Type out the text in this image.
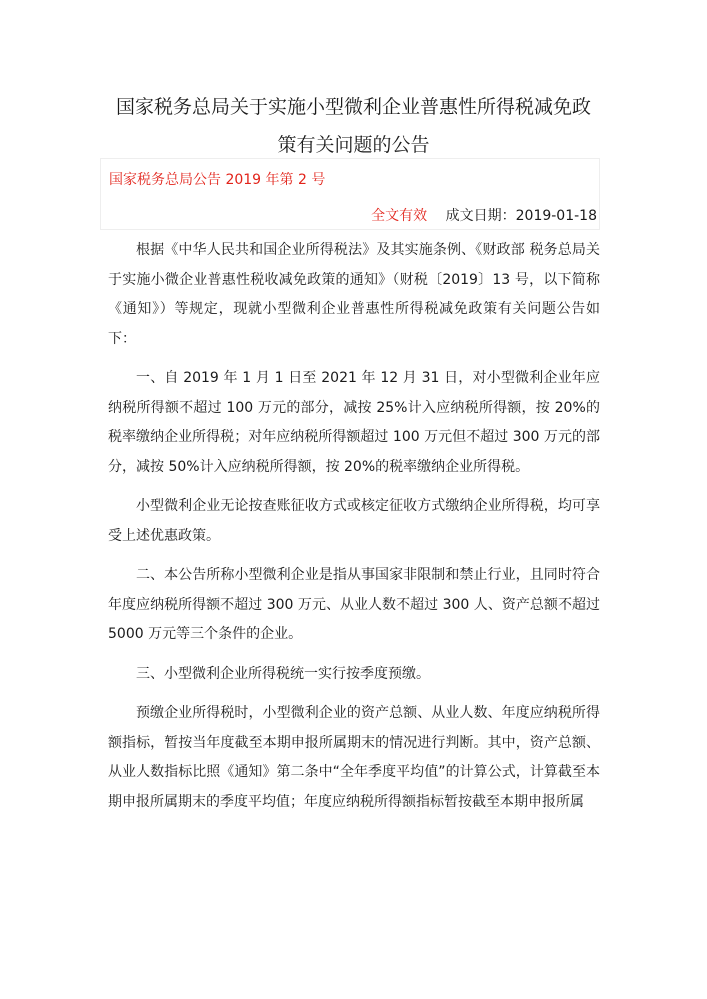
国家税务总局关于实施小型微利企业普惠性所得税减免政
策有关问题的公告
国家税务总局公告 2019 年第 2 号
全文有效 成文日期：2019-01-18

根据《中华人民共和国企业所得税法》及其实施条例、《财政部 税务总局关于实施小微企业普惠性税收减免政策的通知》（财税〔2019〕13 号，以下简称《通知》）等规定，现就小型微利企业普惠性所得税减免政策有关问题公告如下：

一、自 2019 年 1 月 1 日至 2021 年 12 月 31 日，对小型微利企业年应纳税所得额不超过 100 万元的部分，减按 25%计入应纳税所得额，按 20%的税率缴纳企业所得税；对年应纳税所得额超过 100 万元但不超过 300 万元的部分，减按 50%计入应纳税所得额，按 20%的税率缴纳企业所得税。

小型微利企业无论按查账征收方式或核定征收方式缴纳企业所得税，均可享受上述优惠政策。

二、本公告所称小型微利企业是指从事国家非限制和禁止行业，且同时符合年度应纳税所得额不超过 300 万元、从业人数不超过 300 人、资产总额不超过 5000 万元等三个条件的企业。

三、小型微利企业所得税统一实行按季度预缴。

预缴企业所得税时，小型微利企业的资产总额、从业人数、年度应纳税所得额指标，暂按当年度截至本期申报所属期末的情况进行判断。其中，资产总额、从业人数指标比照《通知》第二条中“全年季度平均值”的计算公式，计算截至本期申报所属期末的季度平均值；年度应纳税所得额指标暂按截至本期申报所属
